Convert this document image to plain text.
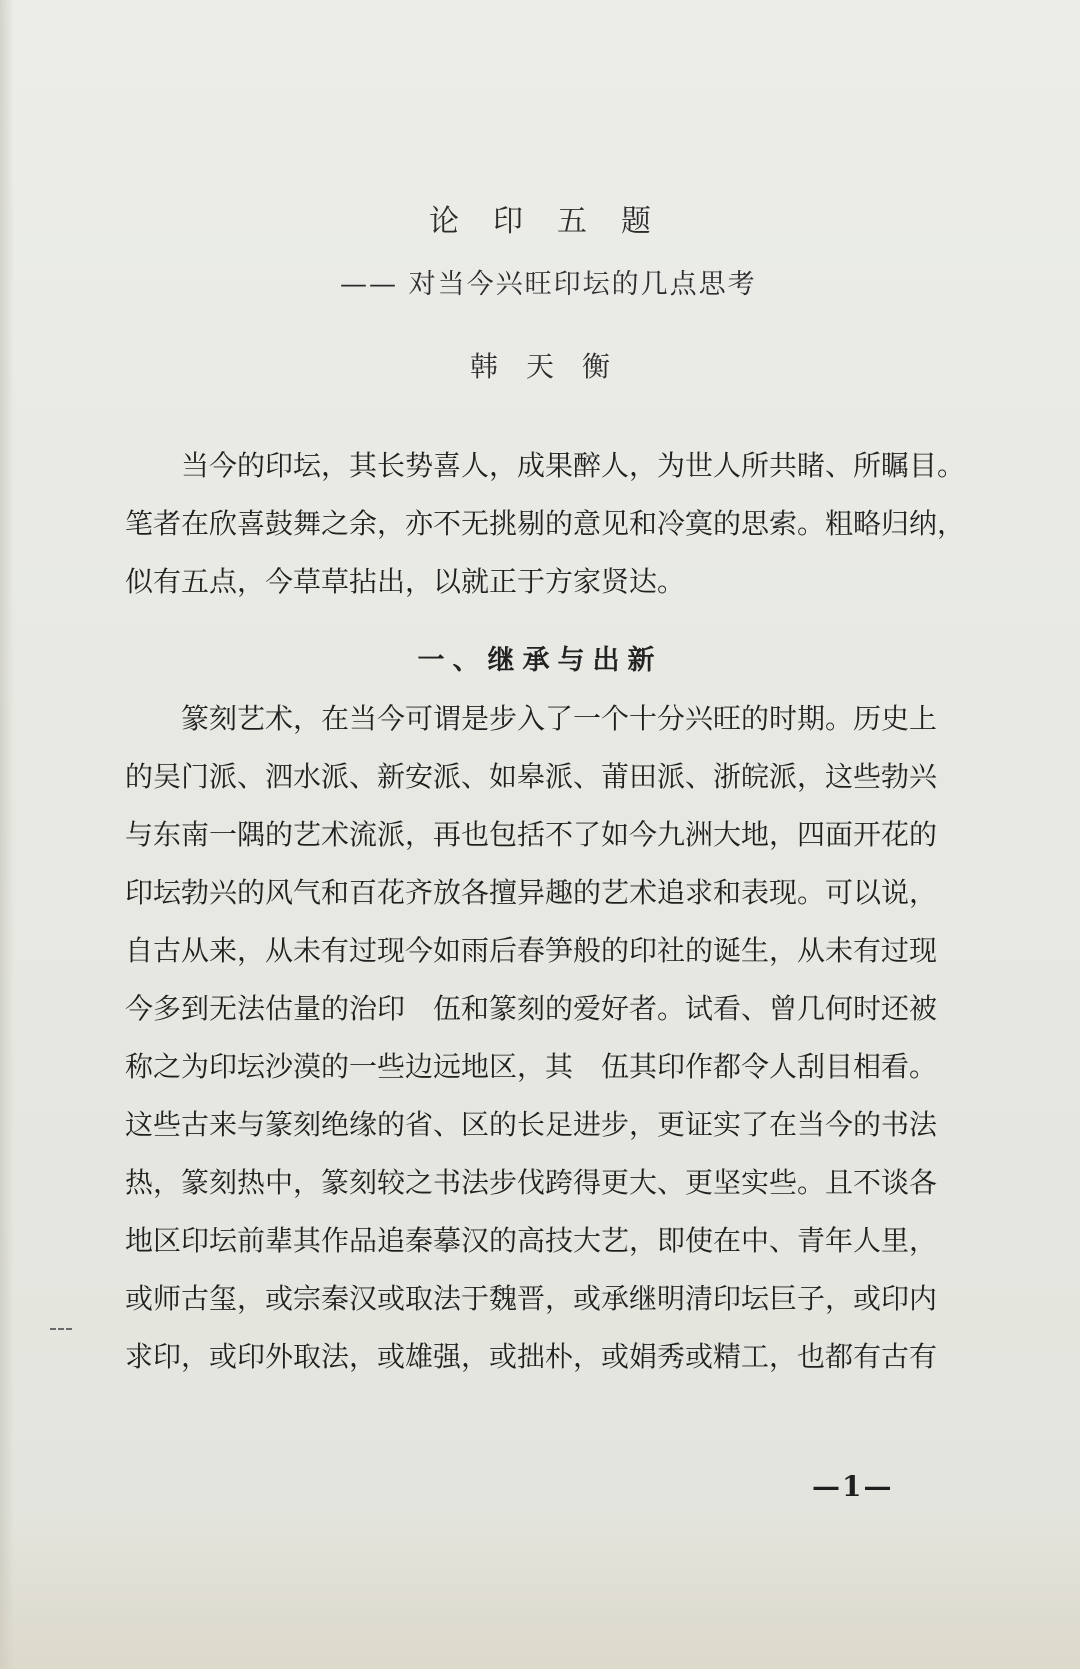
论印五题
—— 对当今兴旺印坛的几点思考
韩天衡
当今的印坛，其长势喜人，成果醉人，为世人所共睹、所瞩目。
笔者在欣喜鼓舞之余，亦不无挑剔的意见和冷寞的思索。粗略归纳，
似有五点，今草草拈出，以就正于方家贤达。
一、继承与出新
篆刻艺术，在当今可谓是步入了一个十分兴旺的时期。历史上
的吴门派、泗水派、新安派、如皋派、莆田派、浙皖派，这些勃兴
与东南一隅的艺术流派，再也包括不了如今九洲大地，四面开花的
印坛勃兴的风气和百花齐放各擅异趣的艺术追求和表现。可以说，
自古从来，从未有过现今如雨后春笋般的印社的诞生，从未有过现
今多到无法估量的治印　伍和篆刻的爱好者。试看、曾几何时还被
称之为印坛沙漠的一些边远地区，其　伍其印作都令人刮目相看。
这些古来与篆刻绝缘的省、区的长足进步，更证实了在当今的书法
热，篆刻热中，篆刻较之书法步伐跨得更大、更坚实些。且不谈各
地区印坛前辈其作品追秦摹汉的高技大艺，即使在中、青年人里，
或师古玺，或宗秦汉或取法于魏晋，或承继明清印坛巨子，或印内
求印，或印外取法，或雄强，或拙朴，或娟秀或精工，也都有古有
—1—
